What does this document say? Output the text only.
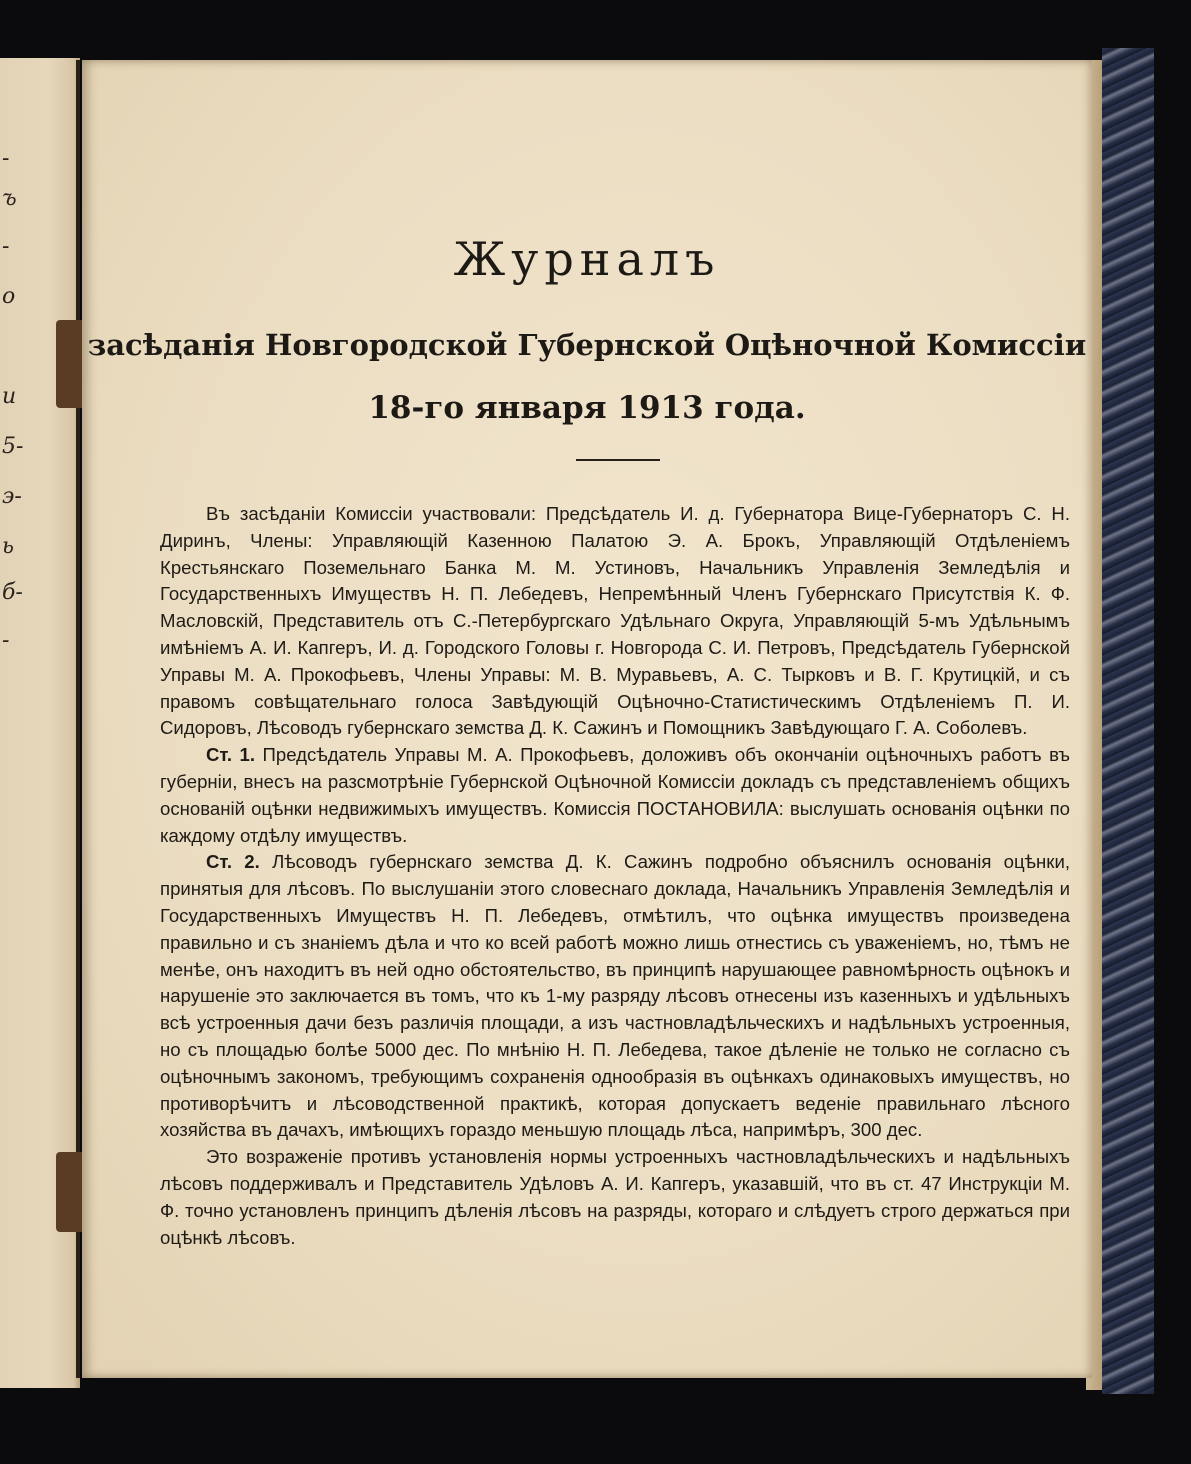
-
ъ
-
о
и
5-
э-
ь
б-
-
Журналъ
засѣданія Новгородской Губернской Оцѣночной Комиссіи
18-го января 1913 года.

Въ засѣданіи Комиссіи участвовали: Предсѣдатель И. д. Губернатора Вице-Губернаторъ С. Н. Диринъ, Члены: Управляющій Казенною Палатою Э. А. Брокъ, Управляющій Отдѣленіемъ Крестьянскаго Поземельнаго Банка М. М. Устиновъ, Начальникъ Управленія Земледѣлія и Государственныхъ Имуществъ Н. П. Лебедевъ, Непремѣнный Членъ Губернскаго Присутствія К. Ф. Масловскій, Представитель отъ С.-Петербургскаго Удѣльнаго Округа, Управляющій 5-мъ Удѣльнымъ имѣніемъ А. И. Капгеръ, И. д. Городского Головы г. Новгорода С. И. Петровъ, Предсѣдатель Губернской Управы М. А. Прокофьевъ, Члены Управы: М. В. Муравьевъ, А. С. Тырковъ и В. Г. Крутицкій, и съ правомъ совѣщательнаго голоса Завѣдующій Оцѣночно-Статистическимъ Отдѣленіемъ П. И. Сидоровъ, Лѣсоводъ губернскаго земства Д. К. Сажинъ и Помощникъ Завѣдующаго Г. А. Соболевъ.

Ст. 1. Предсѣдатель Управы М. А. Прокофьевъ, доложивъ объ окончаніи оцѣночныхъ работъ въ губерніи, внесъ на разсмотрѣніе Губернской Оцѣночной Комиссіи докладъ съ представленіемъ общихъ основаній оцѣнки недвижимыхъ имуществъ. Комиссія ПОСТАНОВИЛА: выслушать основанія оцѣнки по каждому отдѣлу имуществъ.

Ст. 2. Лѣсоводъ губернскаго земства Д. К. Сажинъ подробно объяснилъ основанія оцѣнки, принятыя для лѣсовъ. По выслушаніи этого словеснаго доклада, Начальникъ Управленія Земледѣлія и Государственныхъ Имуществъ Н. П. Лебедевъ, отмѣтилъ, что оцѣнка имуществъ произведена правильно и съ знаніемъ дѣла и что ко всей работѣ можно лишь отнестись съ уваженіемъ, но, тѣмъ не менѣе, онъ находитъ въ ней одно обстоятельство, въ принципѣ нарушающее равномѣрность оцѣнокъ и нарушеніе это заключается въ томъ, что къ 1-му разряду лѣсовъ отнесены изъ казенныхъ и удѣльныхъ всѣ устроенныя дачи безъ различія площади, а изъ частновладѣльческихъ и надѣльныхъ устроенныя, но съ площадью болѣе 5000 дес. По мнѣнію Н. П. Лебедева, такое дѣленіе не только не согласно съ оцѣночнымъ закономъ, требующимъ сохраненія однообразія въ оцѣнкахъ одинаковыхъ имуществъ, но противорѣчитъ и лѣсоводственной практикѣ, которая допускаетъ веденіе правильнаго лѣсного хозяйства въ дачахъ, имѣющихъ гораздо меньшую площадь лѣса, напримѣръ, 300 дес.

Это возраженіе противъ установленія нормы устроенныхъ частновладѣльческихъ и надѣльныхъ лѣсовъ поддерживалъ и Представитель Удѣловъ А. И. Капгеръ, указавшій, что въ ст. 47 Инструкціи М. Ф. точно установленъ принципъ дѣленія лѣсовъ на разряды, котораго и слѣдуетъ строго держаться при оцѣнкѣ лѣсовъ.
